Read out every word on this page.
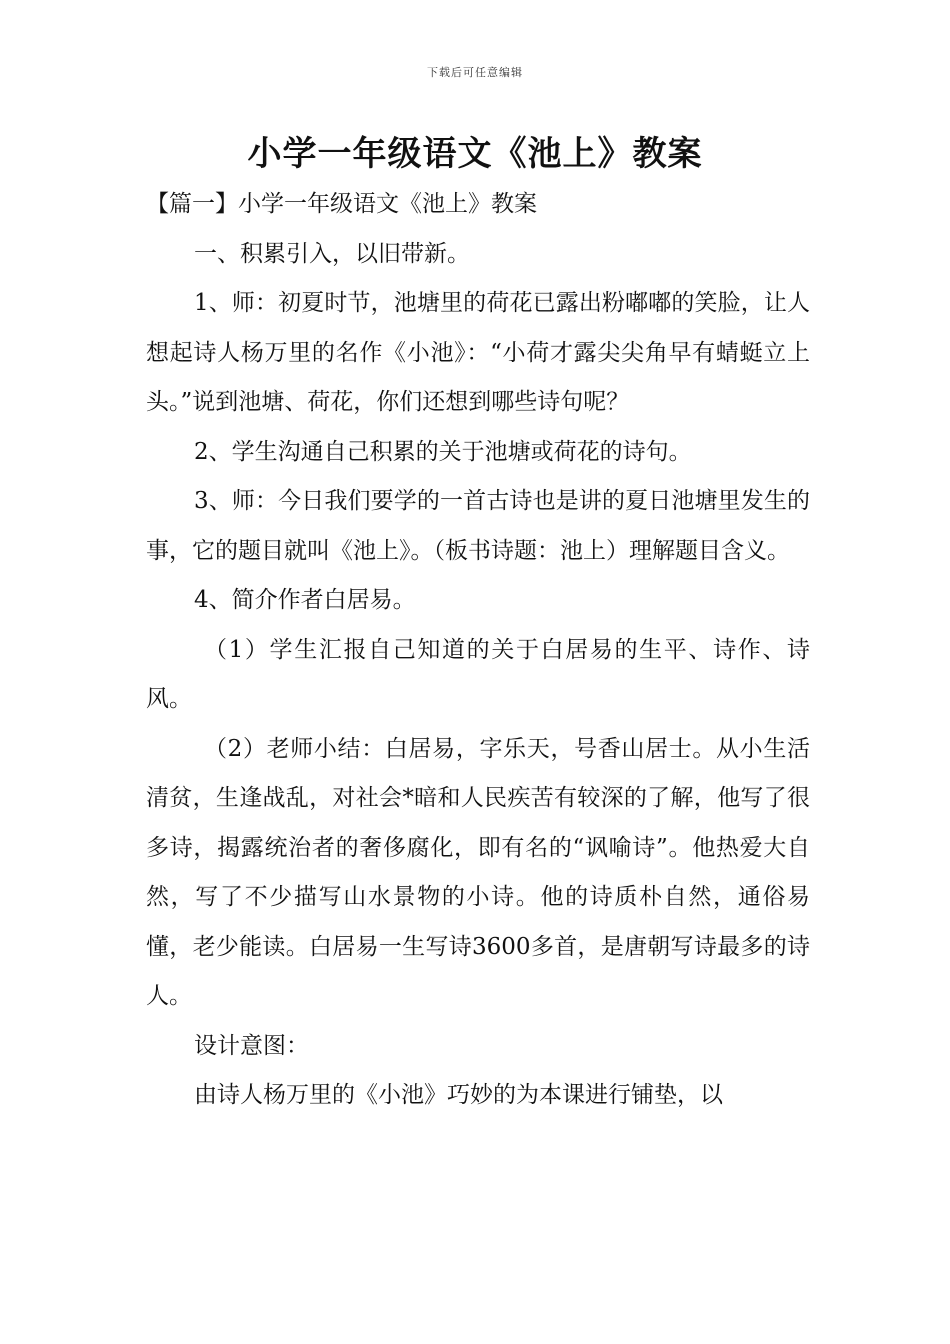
下载后可任意编辑
小学一年级语文《池上》教案

【篇一】小学一年级语文《池上》教案

一、积累引入，以旧带新。

1、师：初夏时节，池塘里的荷花已露出粉嘟嘟的笑脸，让人想起诗人杨万里的名作《小池》：“小荷才露尖尖角早有蜻蜓立上头。”说到池塘、荷花，你们还想到哪些诗句呢？

2、学生沟通自己积累的关于池塘或荷花的诗句。

3、师：今日我们要学的一首古诗也是讲的夏日池塘里发生的事，它的题目就叫《池上》。（板书诗题：池上）理解题目含义。

4、简介作者白居易。

（1）学生汇报自己知道的关于白居易的生平、诗作、诗风。

（2）老师小结：白居易，字乐天，号香山居士。从小生活清贫，生逢战乱，对社会*暗和人民疾苦有较深的了解，他写了很多诗，揭露统治者的奢侈腐化，即有名的“讽喻诗”。他热爱大自然，写了不少描写山水景物的小诗。他的诗质朴自然，通俗易懂，老少能读。白居易一生写诗3600多首，是唐朝写诗最多的诗人。

设计意图：

由诗人杨万里的《小池》巧妙的为本课进行铺垫，以
